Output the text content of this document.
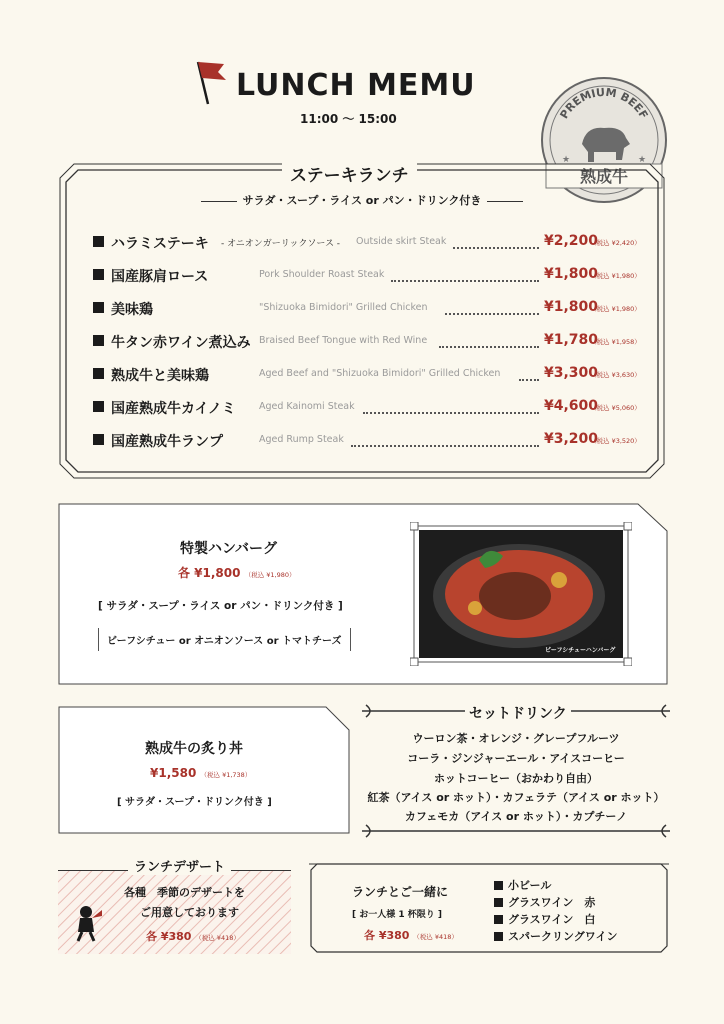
LUNCH MEMU
11:00 〜 15:00	PREMIUM BEEF
熟成牛
★	★
ステーキランチ
サラダ・スープ・ライス or パン・ドリンク付き
ハラミステーキ - オニオンガーリックソース - Outside skirt Steak	¥2,200
（税込 ¥2,420）
国産豚肩ロース	Pork Shoulder Roast Steak	¥1,800
（税込 ¥1,980）
美味鶏	"Shizuoka Bimidori" Grilled Chicken	¥1,800
（税込 ¥1,980）
牛タン赤ワイン煮込み Braised Beef Tongue with Red Wine	¥1,780
（税込 ¥1,958）
熟成牛と美味鶏	Aged Beef and "Shizuoka Bimidori" Grilled Chicken	¥3,300
（税込 ¥3,630）
国産熟成牛カイノミ Aged Kainomi Steak	¥4,600
（税込 ¥5,060）
国産熟成牛ランプ	Aged Rump Steak	¥3,200
（税込 ¥3,520）
特製ハンバーグ
各 ¥1,800 （税込 ¥1,980）
[ サラダ・スープ・ライス or パン・ドリンク付き ]
ビーフシチュー or オニオンソース or トマトチーズ
ビーフシチューハンバーグ
熟成牛の炙り丼
¥1,580 （税込 ¥1,738）
[ サラダ・スープ・ドリンク付き ]
セットドリンク
ウーロン茶・オレンジ・グレープフルーツ
コーラ・ジンジャーエール・アイスコーヒー
ホットコーヒー（おかわり自由）
紅茶（アイス or ホット）・カフェラテ（アイス or ホット）
カフェモカ（アイス or ホット）・カプチーノ
ランチデザート
各種　季節のデザートを
ご用意しております
各 ¥380 （税込 ¥418）
ランチとご一緒に
[ お一人様 1 杯限り ]
各 ¥380 （税込 ¥418）
小ビール
グラスワイン　赤
グラスワイン　白
スパークリングワイン
